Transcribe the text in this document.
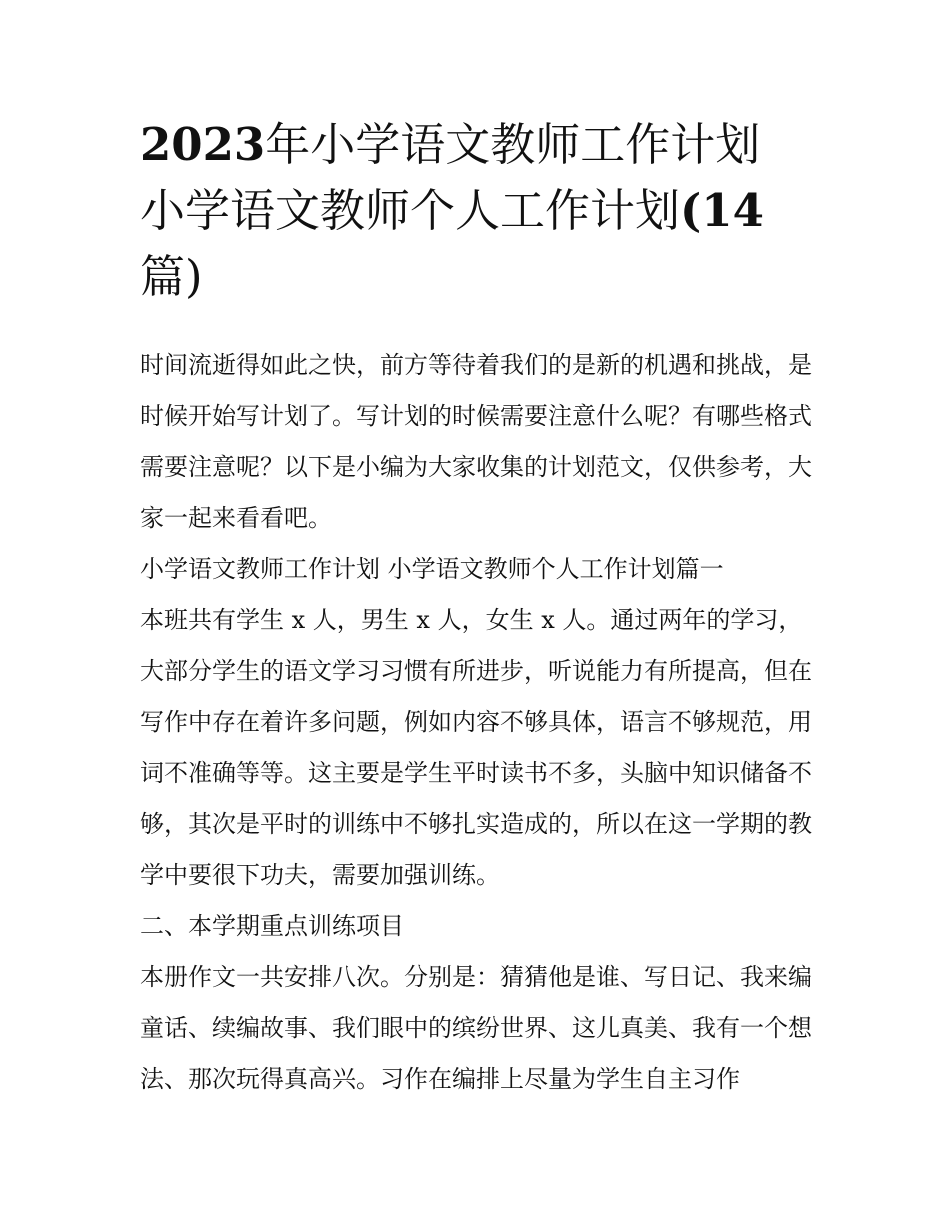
2023年小学语文教师工作计划 小学语文教师个人工作计划(14篇)

时间流逝得如此之快，前方等待着我们的是新的机遇和挑战，是时候开始写计划了。写计划的时候需要注意什么呢？有哪些格式需要注意呢？以下是小编为大家收集的计划范文，仅供参考，大家一起来看看吧。

小学语文教师工作计划 小学语文教师个人工作计划篇一

本班共有学生 x 人，男生 x 人，女生 x 人。通过两年的学习，大部分学生的语文学习习惯有所进步，听说能力有所提高，但在写作中存在着许多问题，例如内容不够具体，语言不够规范，用词不准确等等。这主要是学生平时读书不多，头脑中知识储备不够，其次是平时的训练中不够扎实造成的，所以在这一学期的教学中要很下功夫，需要加强训练。

二、本学期重点训练项目

本册作文一共安排八次。分别是：猜猜他是谁、写日记、我来编童话、续编故事、我们眼中的缤纷世界、这儿真美、我有一个想法、那次玩得真高兴。习作在编排上尽量为学生自主习作
